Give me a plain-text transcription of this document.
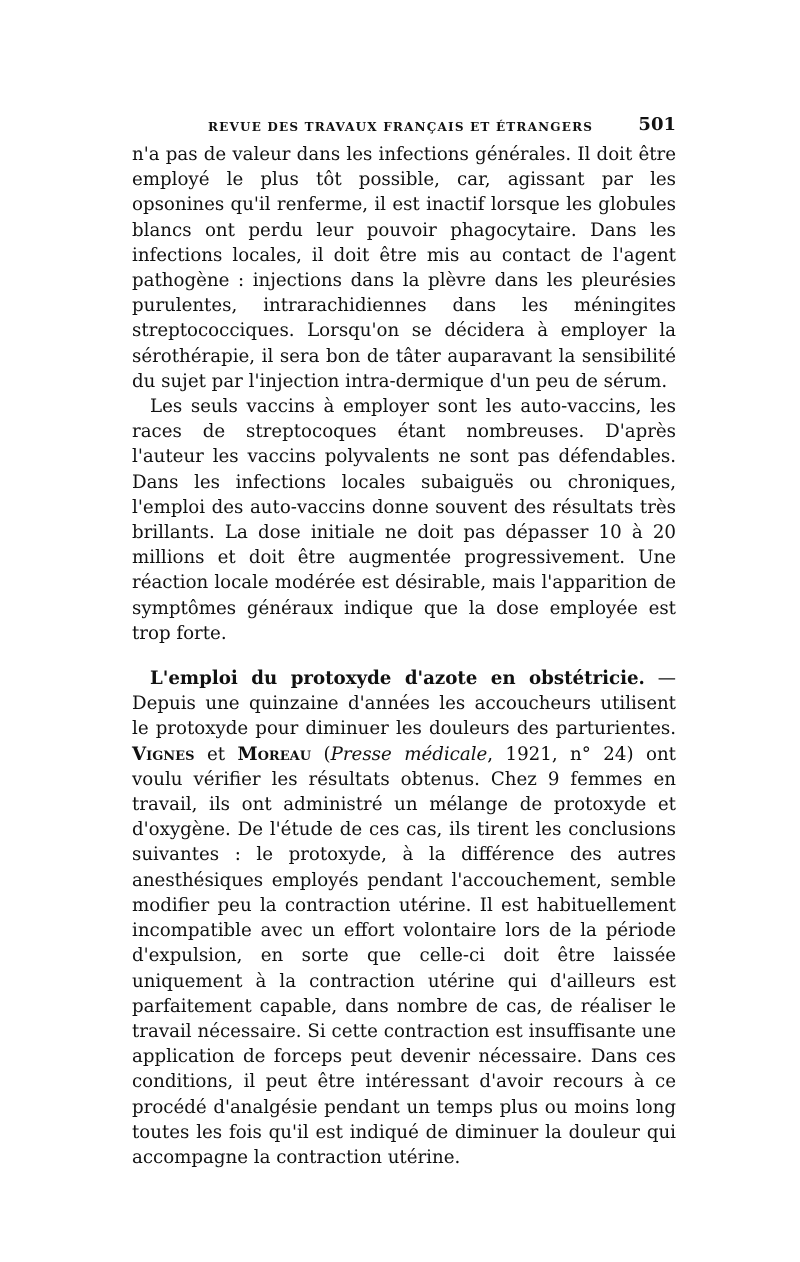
REVUE DES TRAVAUX FRANÇAIS ET ÉTRANGERS	501

n'a pas de valeur dans les infections générales. Il doit être employé le plus tôt possible, car, agissant par les opsonines qu'il renferme, il est inactif lorsque les globules blancs ont perdu leur pouvoir phagocytaire. Dans les infections locales, il doit être mis au contact de l'agent pathogène : injections dans la plèvre dans les pleurésies purulentes, intrarachidiennes dans les méningites streptococciques. Lorsqu'on se décidera à employer la sérothérapie, il sera bon de tâter auparavant la sensibilité du sujet par l'injection intra-dermique d'un peu de sérum.

Les seuls vaccins à employer sont les auto-vaccins, les races de streptocoques étant nombreuses. D'après l'auteur les vaccins polyvalents ne sont pas défendables. Dans les infections locales subaiguës ou chroniques, l'emploi des auto-vaccins donne souvent des résultats très brillants. La dose initiale ne doit pas dépasser 10 à 20 millions et doit être augmentée progressivement. Une réaction locale modérée est désirable, mais l'apparition de symptômes généraux indique que la dose employée est trop forte.

L'emploi du protoxyde d'azote en obstétricie. — Depuis une quinzaine d'années les accoucheurs utilisent le protoxyde pour diminuer les douleurs des parturientes. Vignes et Moreau (Presse médicale, 1921, n° 24) ont voulu vérifier les résultats obtenus. Chez 9 femmes en travail, ils ont administré un mélange de protoxyde et d'oxygène. De l'étude de ces cas, ils tirent les conclusions suivantes : le protoxyde, à la différence des autres anesthésiques employés pendant l'accouchement, semble modifier peu la contraction utérine. Il est habituellement incompatible avec un effort volontaire lors de la période d'expulsion, en sorte que celle-ci doit être laissée uniquement à la contraction utérine qui d'ailleurs est parfaitement capable, dans nombre de cas, de réaliser le travail nécessaire. Si cette contraction est insuffisante une application de forceps peut devenir nécessaire. Dans ces conditions, il peut être intéressant d'avoir recours à ce procédé d'analgésie pendant un temps plus ou moins long toutes les fois qu'il est indiqué de diminuer la douleur qui accompagne la contraction utérine.
